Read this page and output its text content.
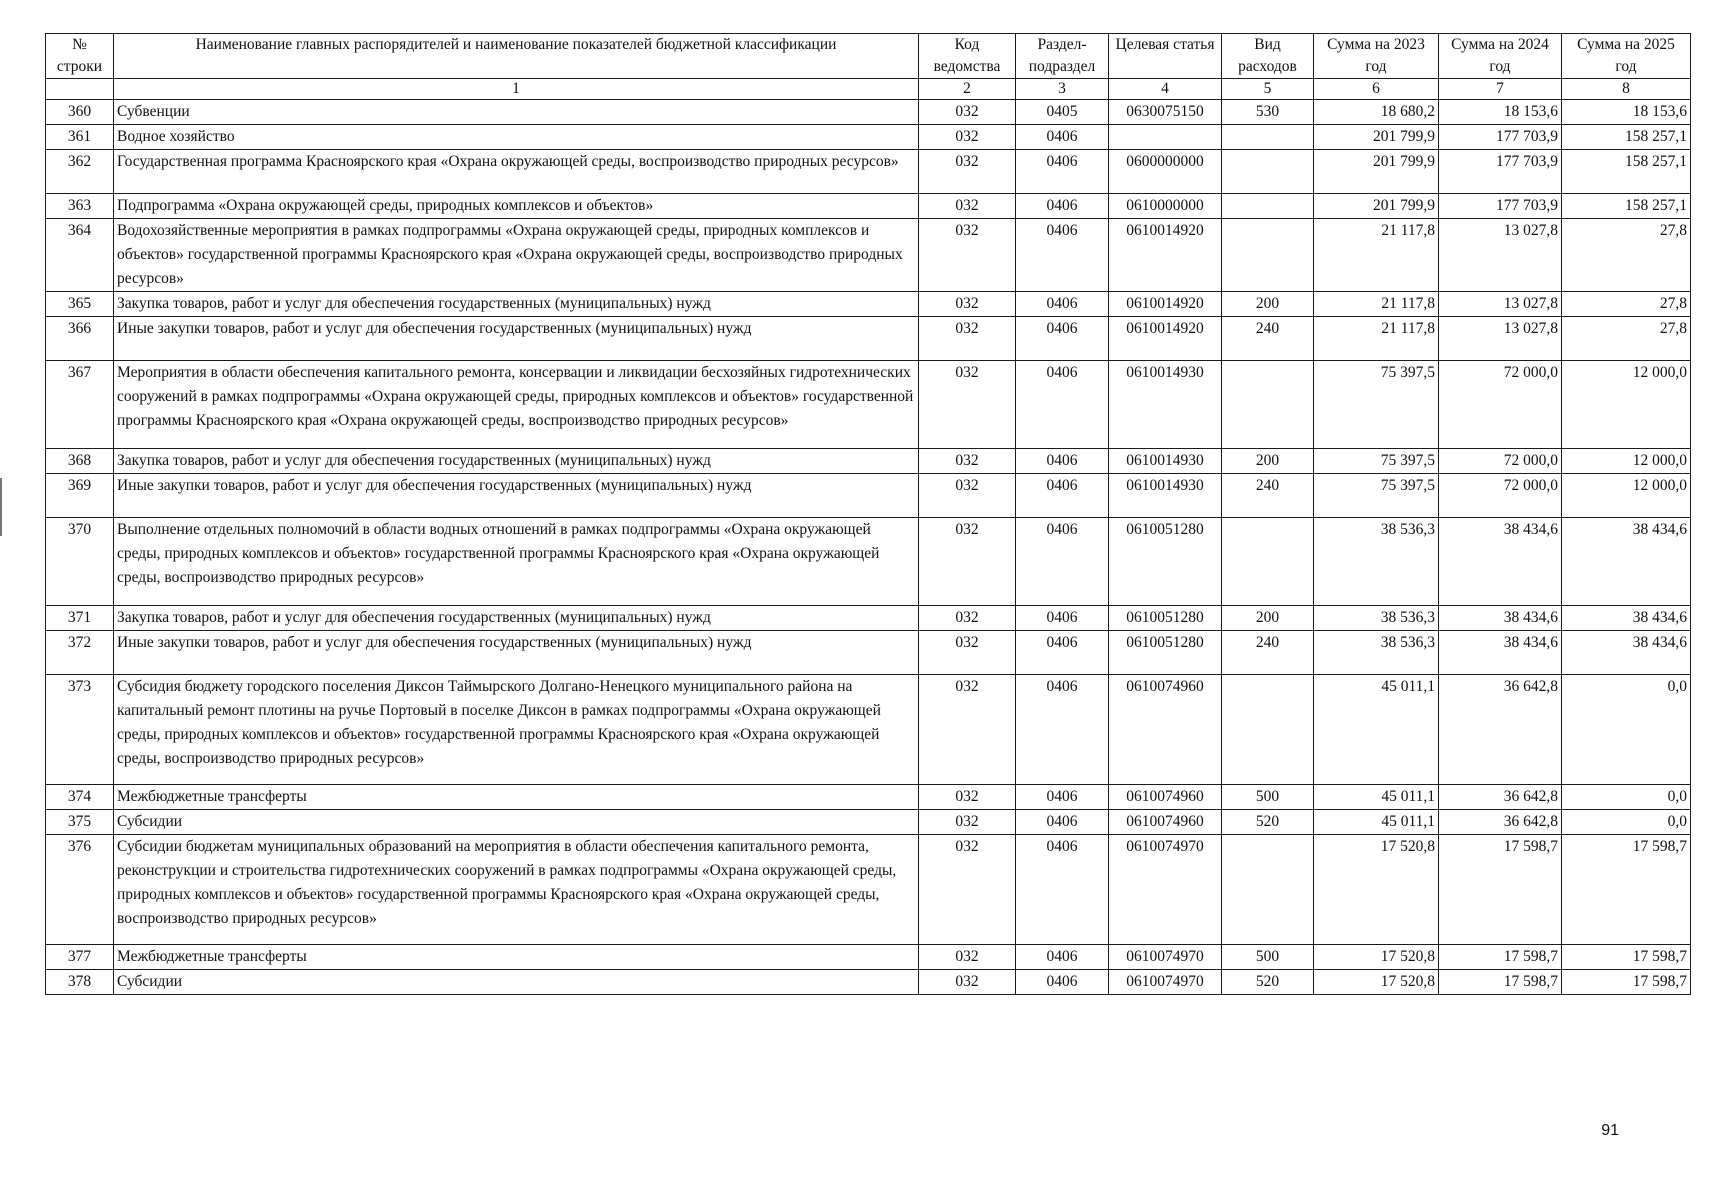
№ строки	Наименование главных распорядителей и наименование показателей бюджетной классификации	Код ведомства	Раздел-подраздел	Целевая статья	Вид расходов	Сумма на 2023 год	Сумма на 2024 год	Сумма на 2025 год
	1	2	3	4	5	6	7	8
360	Субвенции	032	0405	0630075150	530	18 680,2	18 153,6	18 153,6
361	Водное хозяйство	032	0406			201 799,9	177 703,9	158 257,1
362	Государственная программа Красноярского края «Охрана окружающей среды, воспроизводство природных ресурсов»	032	0406	0600000000		201 799,9	177 703,9	158 257,1
363	Подпрограмма «Охрана окружающей среды, природных комплексов и объектов»	032	0406	0610000000		201 799,9	177 703,9	158 257,1
364	Водохозяйственные мероприятия в рамках подпрограммы «Охрана окружающей среды, природных комплексов и объектов» государственной программы Красноярского края «Охрана окружающей среды, воспроизводство природных ресурсов»	032	0406	0610014920		21 117,8	13 027,8	27,8
365	Закупка товаров, работ и услуг для обеспечения государственных (муниципальных) нужд	032	0406	0610014920	200	21 117,8	13 027,8	27,8
366	Иные закупки товаров, работ и услуг для обеспечения государственных (муниципальных) нужд	032	0406	0610014920	240	21 117,8	13 027,8	27,8
367	Мероприятия в области обеспечения капитального ремонта, консервации и ликвидации бесхозяйных гидротехнических сооружений в рамках подпрограммы «Охрана окружающей среды, природных комплексов и объектов» государственной программы Красноярского края «Охрана окружающей среды, воспроизводство природных ресурсов»	032	0406	0610014930		75 397,5	72 000,0	12 000,0
368	Закупка товаров, работ и услуг для обеспечения государственных (муниципальных) нужд	032	0406	0610014930	200	75 397,5	72 000,0	12 000,0
369	Иные закупки товаров, работ и услуг для обеспечения государственных (муниципальных) нужд	032	0406	0610014930	240	75 397,5	72 000,0	12 000,0
370	Выполнение отдельных полномочий в области водных отношений в рамках подпрограммы «Охрана окружающей среды, природных комплексов и объектов» государственной программы Красноярского края «Охрана окружающей среды, воспроизводство природных ресурсов»	032	0406	0610051280		38 536,3	38 434,6	38 434,6
371	Закупка товаров, работ и услуг для обеспечения государственных (муниципальных) нужд	032	0406	0610051280	200	38 536,3	38 434,6	38 434,6
372	Иные закупки товаров, работ и услуг для обеспечения государственных (муниципальных) нужд	032	0406	0610051280	240	38 536,3	38 434,6	38 434,6
373	Субсидия бюджету городского поселения Диксон Таймырского Долгано-Ненецкого муниципального района на капитальный ремонт плотины на ручье Портовый в поселке Диксон в рамках подпрограммы «Охрана окружающей среды, природных комплексов и объектов» государственной программы Красноярского края «Охрана окружающей среды, воспроизводство природных ресурсов»	032	0406	0610074960		45 011,1	36 642,8	0,0
374	Межбюджетные трансферты	032	0406	0610074960	500	45 011,1	36 642,8	0,0
375	Субсидии	032	0406	0610074960	520	45 011,1	36 642,8	0,0
376	Субсидии бюджетам муниципальных образований на мероприятия в области обеспечения капитального ремонта, реконструкции и строительства гидротехнических сооружений в рамках подпрограммы «Охрана окружающей среды, природных комплексов и объектов» государственной программы Красноярского края «Охрана окружающей среды, воспроизводство природных ресурсов»	032	0406	0610074970		17 520,8	17 598,7	17 598,7
377	Межбюджетные трансферты	032	0406	0610074970	500	17 520,8	17 598,7	17 598,7
378	Субсидии	032	0406	0610074970	520	17 520,8	17 598,7	17 598,7
91
